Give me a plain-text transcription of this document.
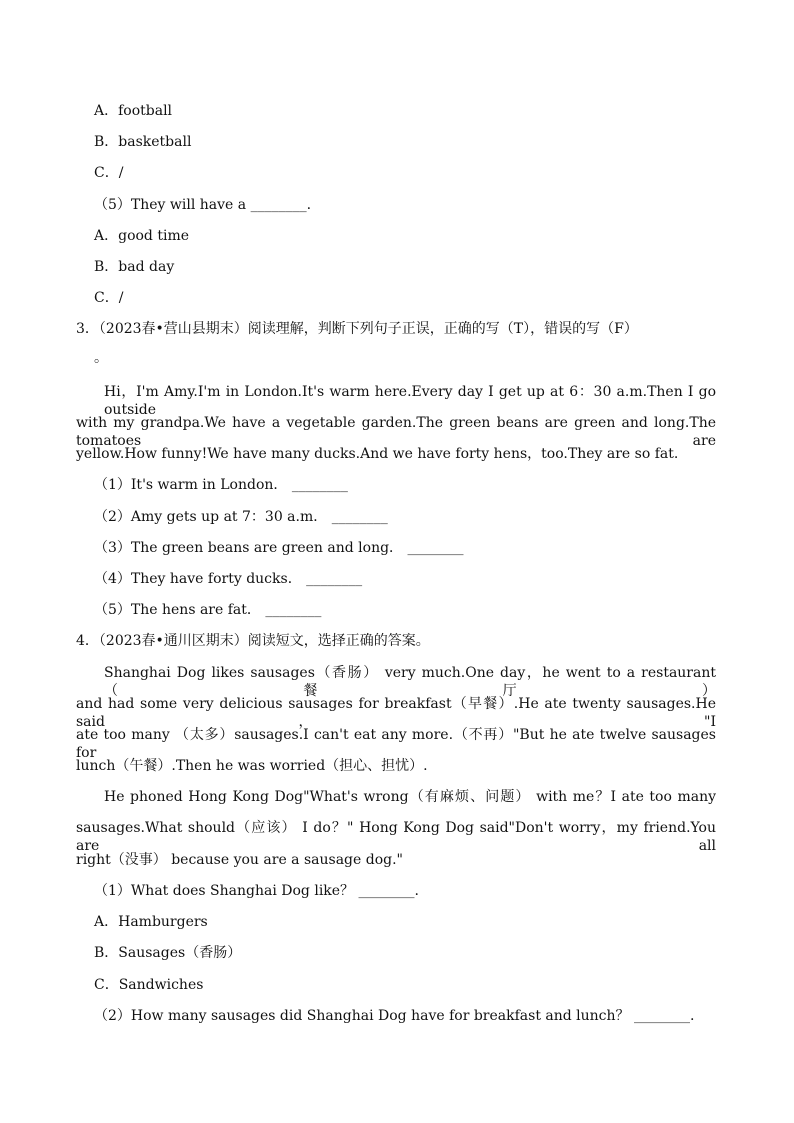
A．football
B．basketball
C．/
（5）They will have a ________.
A．good time
B．bad day
C．/
3．（2023春•营山县期末）阅读理解，判断下列句子正误，正确的写（T），错误的写（F）
。
Hi，I'm Amy.I'm in London.It's warm here.Every day I get up at 6：30 a.m.Then I go outside
with my grandpa.We have a vegetable garden.The green beans are green and long.The tomatoes are
yellow.How funny!We have many ducks.And we have forty hens，too.They are so fat.
（1）It's warm in London． ________
（2）Amy gets up at 7：30 a.m． ________
（3）The green beans are green and long． ________
（4）They have forty ducks． ________
（5）The hens are fat． ________
4．（2023春•通川区期末）阅读短文，选择正确的答案。
Shanghai Dog likes sausages（香肠） very much.One day，he went to a restaurant（餐厅）
and had some very delicious sausages for breakfast（早餐）.He ate twenty sausages.He said， "I
ate too many （太多）sausages.I can't eat any more.（不再）"But he ate twelve sausages for
lunch（午餐）.Then he was worried（担心、担忧）.
He phoned Hong Kong Dog"What's wrong（有麻烦、问题） with me？I ate too many
sausages.What should（应该） I do？" Hong Kong Dog said"Don't worry，my friend.You are all
right（没事） because you are a sausage dog."
（1）What does Shanghai Dog like？ ________.
A．Hamburgers
B．Sausages（香肠）
C．Sandwiches
（2）How many sausages did Shanghai Dog have for breakfast and lunch？ ________.
